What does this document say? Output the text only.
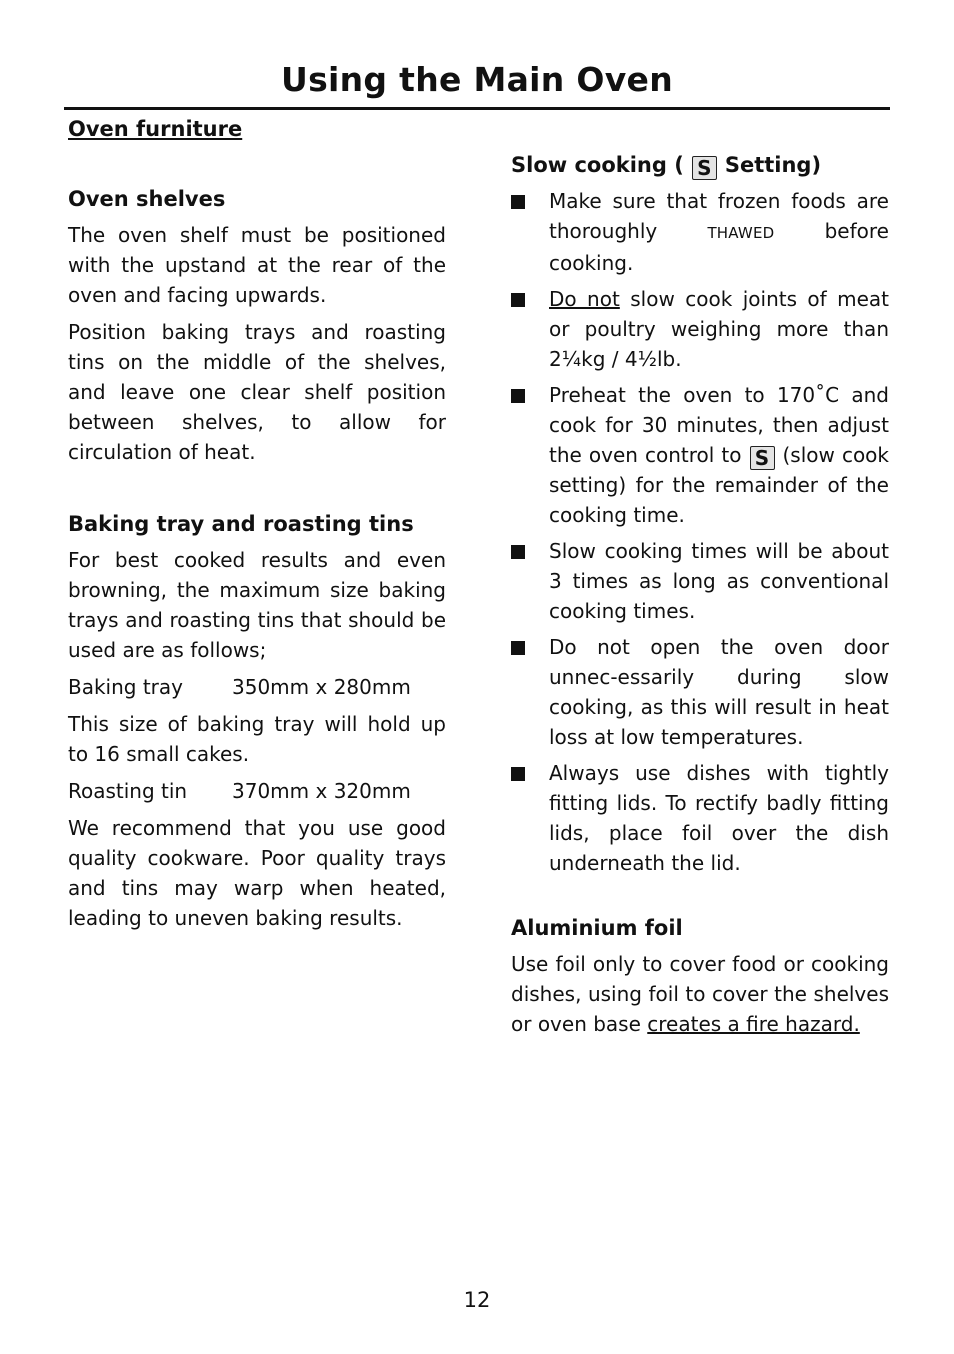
Using the Main Oven
Oven furniture
Oven shelves

The oven shelf must be positioned with the upstand at the rear of the oven and facing upwards.

Position baking trays and roasting tins on the middle of the shelves, and leave one clear shelf position between shelves, to allow for circulation of heat.

Baking tray and roasting tins

For best cooked results and even browning, the maximum size baking trays and roasting tins that should be used are as follows;

Baking tray	350mm x 280mm

This size of baking tray will hold up to 16 small cakes.

Roasting tin	370mm x 320mm

We recommend that you use good quality cookware. Poor quality trays and tins may warp when heated, leading to uneven baking results.

Slow cooking ( S Setting)
Make sure that frozen foods are thoroughly THAWED before cooking.
Do not slow cook joints of meat or poultry weighing more than 2¼kg / 4½lb.
Preheat the oven to 170˚C and cook for 30 minutes, then adjust the oven control to S (slow cook setting) for the remainder of the cooking time.
Slow cooking times will be about 3 times as long as conventional cooking times.
Do not open the oven door unnec-essarily during slow cooking, as this will result in heat loss at low temperatures.
Always use dishes with tightly fitting lids. To rectify badly fitting lids, place foil over the dish underneath the lid.
Aluminium foil

Use foil only to cover food or cooking dishes, using foil to cover the shelves or oven base creates a fire hazard.

12
